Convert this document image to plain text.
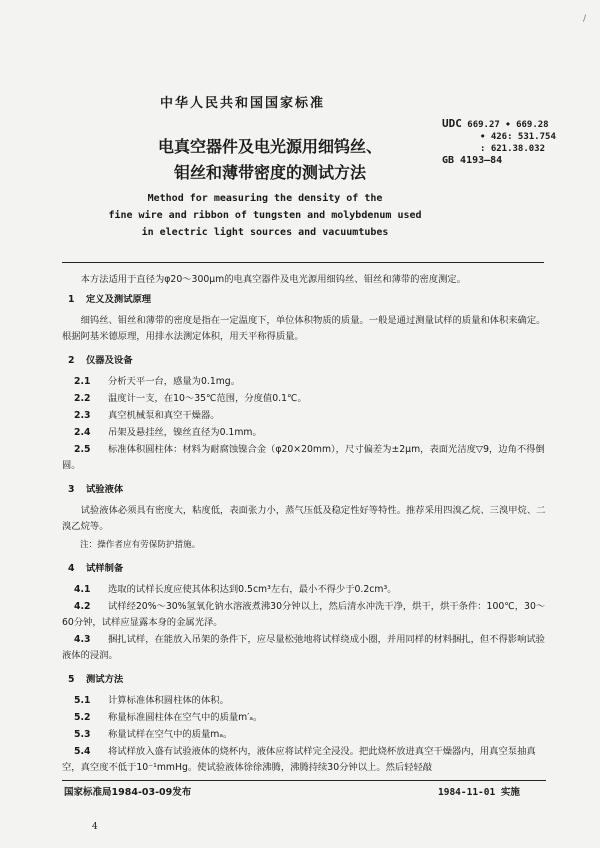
/
中华人民共和国国家标准
UDC 669.27 ∙ 669.28
∙ 426: 531.754
: 621.38.032
GB 4193—84
电真空器件及电光源用细钨丝、
钼丝和薄带密度的测试方法
Method for measuring the density of the
fine wire and ribbon of tungsten and molybdenum used
in electric light sources and vacuumtubes

本方法适用于直径为φ20～300μm的电真空器件及电光源用细钨丝、钼丝和薄带的密度测定。

1 定义及测试原理

细钨丝、钼丝和薄带的密度是指在一定温度下，单位体积物质的质量。一般是通过测量试样的质量和体积来确定。根据阿基米德原理，用排水法测定体积，用天平称得质量。

2 仪器及设备
2.1 分析天平一台，感量为0.1mg。
2.2 温度计一支，在10～35℃范围，分度值0.1℃。
2.3 真空机械泵和真空干燥器。
2.4 吊架及悬挂丝，镍丝直径为0.1mm。
2.5 标准体积圆柱体：材料为耐腐蚀镍合金（φ20×20mm），尺寸偏差为±2μm，表面光洁度▽9，边角不得倒圆。
3 试验液体

试验液体必须具有密度大，粘度低，表面张力小，蒸气压低及稳定性好等特性。推荐采用四溴乙烷、三溴甲烷、二溴乙烷等。

注：操作者应有劳保防护措施。

4 试样制备
4.1 选取的试样长度应使其体积达到0.5cm³左右，最小不得少于0.2cm³。
4.2 试样经20%～30%氢氧化钠水溶液煮沸30分钟以上，然后清水冲洗干净，烘干，烘干条件：100℃，30～60分钟，试样应显露本身的金属光泽。
4.3 捆扎试样，在能放入吊架的条件下，应尽量松弛地将试样绕成小圈，并用同样的材料捆扎，但不得影响试验液体的浸润。
5 测试方法
5.1 计算标准体积圆柱体的体积。
5.2 称量标准圆柱体在空气中的质量m′ₐ。
5.3 称量试样在空气中的质量mₐ。
5.4 将试样放入盛有试验液体的烧杯内，液体应将试样完全浸没。把此烧杯放进真空干燥器内，用真空泵抽真空，真空度不低于10⁻¹mmHg。使试验液体徐徐沸腾，沸腾持续30分钟以上。然后轻轻敲
国家标准局1984-03-09发布	1984-11-01 实施
4
